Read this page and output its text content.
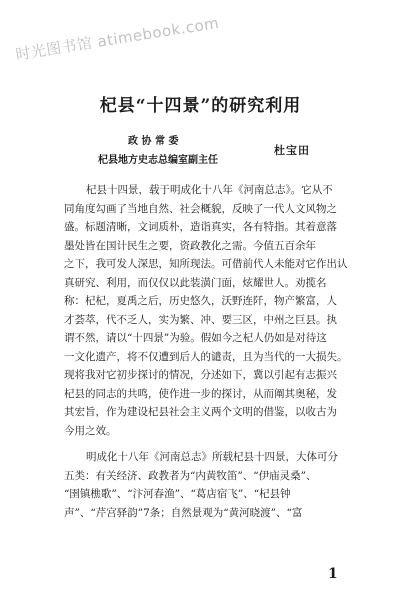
时光图书馆 atimebook.com
杞县“十四景”的研究利用
政 协 常 委
杞县地方史志总编室副主任
杜宝田

杞县十四景，载于明成化十八年《河南总志》。它从不

同角度勾画了当地自然、社会概貌，反映了一代人文风物之

盛。标题清晰，文词质朴，造诣真实，各有特指。其着意落

墨处皆在国计民生之要，资政教化之需。今值五百余年

之下，我可发人深思，知所现法。可借前代人未能对它作出认

真研究、利用，而仅仅以此装潢门面，炫耀世人。劝揽名

称：杞杞，夏禹之后，历史悠久，沃野连阡，物产繁富，人

才荟萃，代不乏人，实为繁、冲、要三区，中州之巨县。执

谓不然，请以“十四景”为验。假如今之杞人仍如是对待这

一文化遗产，将不仅遭到后人的谴责，且为当代的一大损失。

现将我对它初步探讨的情况，分述如下，冀以引起有志振兴

杞县的同志的共鸣，使作进一步的探讨，从而阐其奥秘，发

其宏旨，作为建设杞县社会主义两个文明的借鉴，以收古为

今用之效。

明成化十八年《河南总志》所载杞县十四景，大体可分

五类：有关经济、政教者为“内黄牧笛”、“伊庙灵桑”、

“圉镇樵歌”、“汴河春渔”、“葛店宿飞”、“杞县钟

声”、“芹宫驿韵”7条；自然景观为“黄河晓渡”、“富

1
